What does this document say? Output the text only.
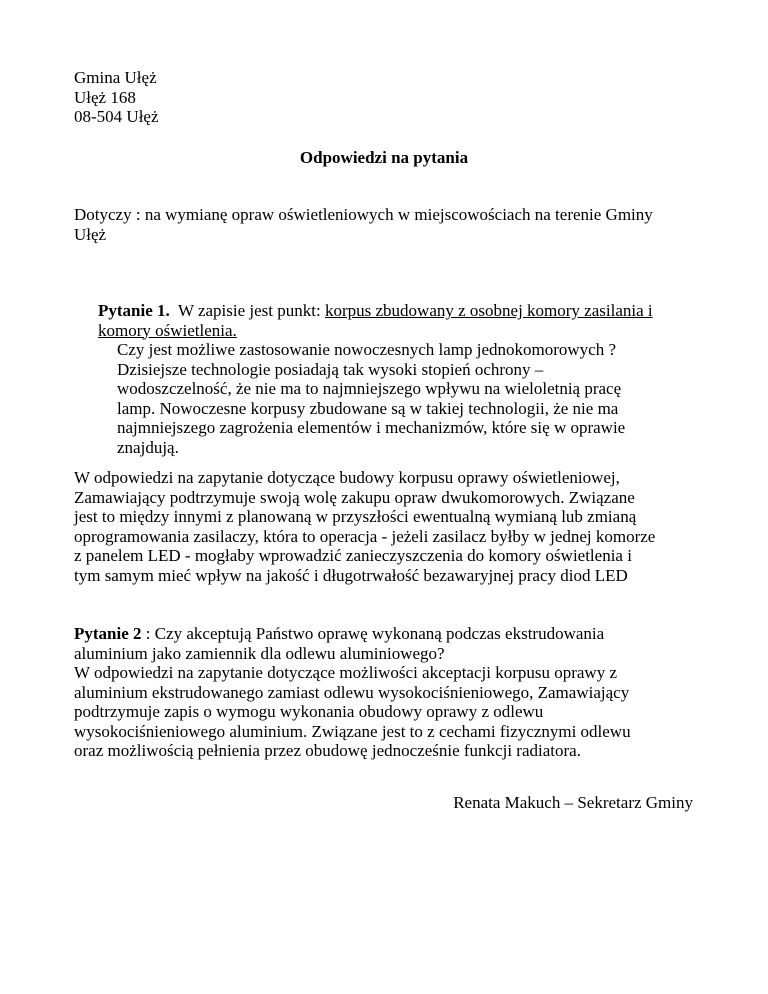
Gmina Ułęż
Ułęż 168
08-504 Ułęż
Odpowiedzi na pytania
Dotyczy : na wymianę opraw oświetleniowych w miejscowościach na terenie Gminy
Ułęż
Pytanie 1.  W zapisie jest punkt: korpus zbudowany z osobnej komory zasilania i
komory oświetlenia.
Czy jest możliwe zastosowanie nowoczesnych lamp jednokomorowych ?
Dzisiejsze technologie posiadają tak wysoki stopień ochrony –
wodoszczelność, że nie ma to najmniejszego wpływu na wieloletnią pracę
lamp. Nowoczesne korpusy zbudowane są w takiej technologii, że nie ma
najmniejszego zagrożenia elementów i mechanizmów, które się w oprawie
znajdują.
W odpowiedzi na zapytanie dotyczące budowy korpusu oprawy oświetleniowej,
Zamawiający podtrzymuje swoją wolę zakupu opraw dwukomorowych. Związane
jest to między innymi z planowaną w przyszłości ewentualną wymianą lub zmianą
oprogramowania zasilaczy, która to operacja - jeżeli zasilacz byłby w jednej komorze
z panelem LED - mogłaby wprowadzić zanieczyszczenia do komory oświetlenia i
tym samym mieć wpływ na jakość i długotrwałość bezawaryjnej pracy diod LED
Pytanie 2 : Czy akceptują Państwo oprawę wykonaną podczas ekstrudowania
aluminium jako zamiennik dla odlewu aluminiowego?
W odpowiedzi na zapytanie dotyczące możliwości akceptacji korpusu oprawy z
aluminium ekstrudowanego zamiast odlewu wysokociśnieniowego, Zamawiający
podtrzymuje zapis o wymogu wykonania obudowy oprawy z odlewu
wysokociśnieniowego aluminium. Związane jest to z cechami fizycznymi odlewu
oraz możliwością pełnienia przez obudowę jednocześnie funkcji radiatora.
Renata Makuch – Sekretarz Gminy
